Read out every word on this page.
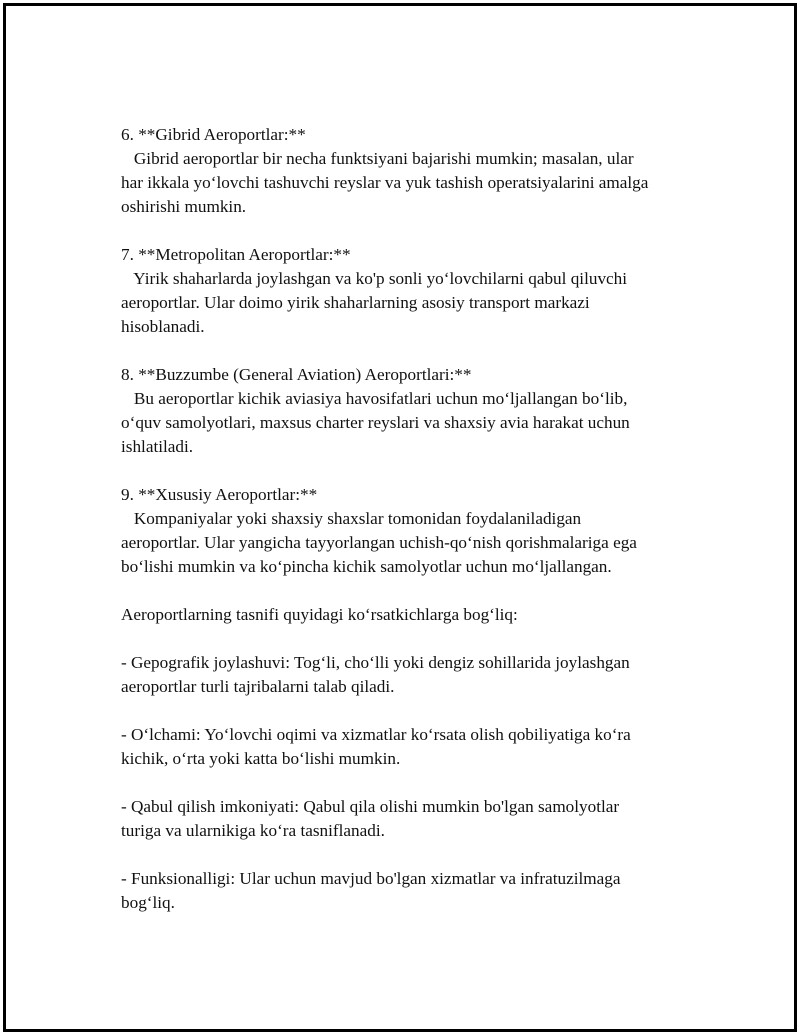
6. **Gibrid Aeroportlar:**
Gibrid aeroportlar bir necha funktsiyani bajarishi mumkin; masalan, ular
har ikkala yo‘lovchi tashuvchi reyslar va yuk tashish operatsiyalarini amalga
oshirishi mumkin.
7. **Metropolitan Aeroportlar:**
Yirik shaharlarda joylashgan va ko'p sonli yo‘lovchilarni qabul qiluvchi
aeroportlar. Ular doimo yirik shaharlarning asosiy transport markazi
hisoblanadi.
8. **Buzzumbe (General Aviation) Aeroportlari:**
Bu aeroportlar kichik aviasiya havosifatlari uchun mo‘ljallangan bo‘lib,
o‘quv samolyotlari, maxsus charter reyslari va shaxsiy avia harakat uchun
ishlatiladi.
9. **Xususiy Aeroportlar:**
Kompaniyalar yoki shaxsiy shaxslar tomonidan foydalaniladigan
aeroportlar. Ular yangicha tayyorlangan uchish-qo‘nish qorishmalariga ega
bo‘lishi mumkin va ko‘pincha kichik samolyotlar uchun mo‘ljallangan.
Aeroportlarning tasnifi quyidagi ko‘rsatkichlarga bog‘liq:
- Gepografik joylashuvi: Tog‘li, cho‘lli yoki dengiz sohillarida joylashgan
aeroportlar turli tajribalarni talab qiladi.
- O‘lchami: Yo‘lovchi oqimi va xizmatlar ko‘rsata olish qobiliyatiga ko‘ra
kichik, o‘rta yoki katta bo‘lishi mumkin.
- Qabul qilish imkoniyati: Qabul qila olishi mumkin bo'lgan samolyotlar
turiga va ularnikiga ko‘ra tasniflanadi.
- Funksionalligi: Ular uchun mavjud bo'lgan xizmatlar va infratuzilmaga
bog‘liq.
